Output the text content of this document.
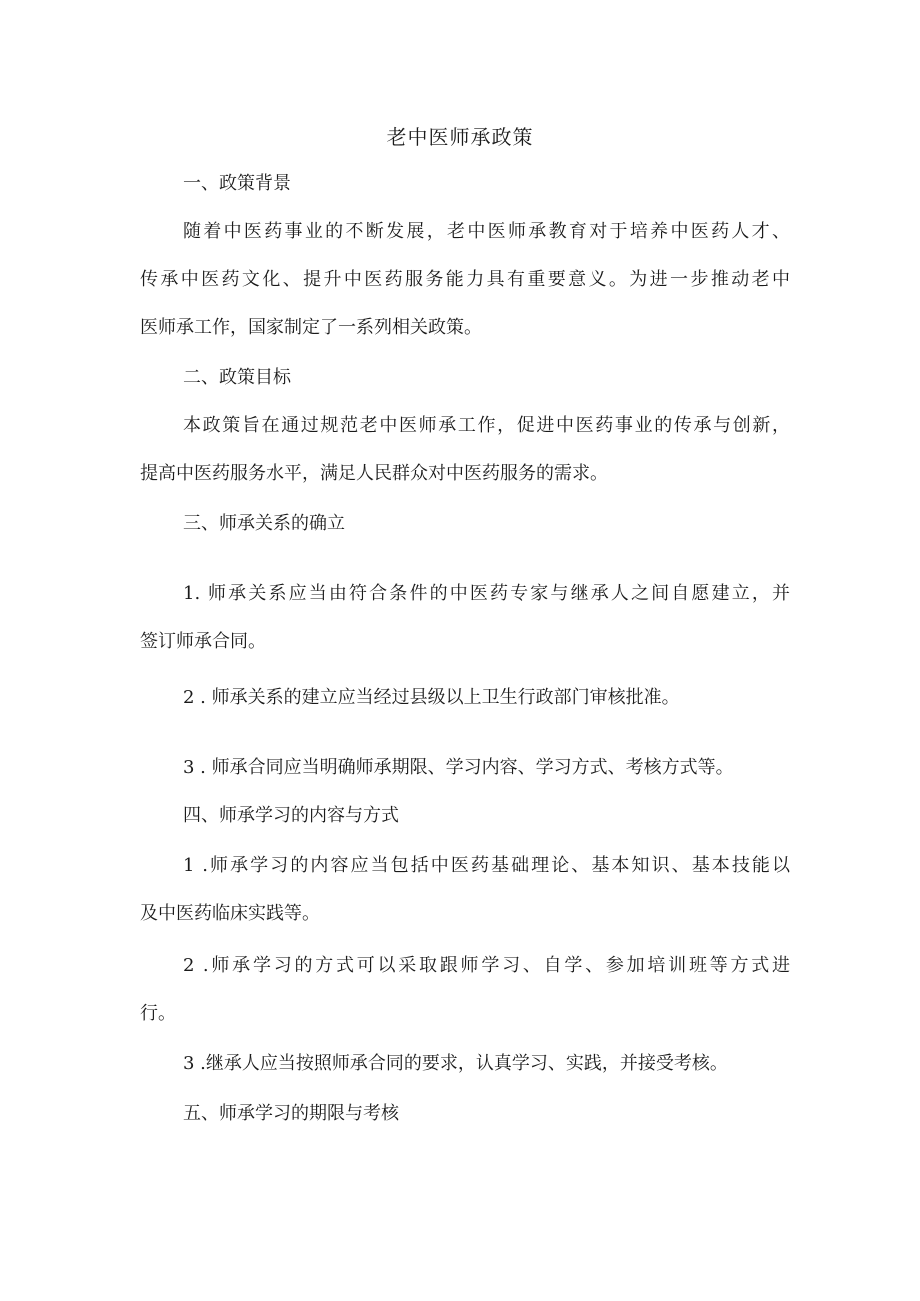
老中医师承政策
一、政策背景
随着中医药事业的不断发展，老中医师承教育对于培养中医药人才、
传承中医药文化、提升中医药服务能力具有重要意义。为进一步推动老中
医师承工作，国家制定了一系列相关政策。
二、政策目标
本政策旨在通过规范老中医师承工作，促进中医药事业的传承与创新，
提高中医药服务水平，满足人民群众对中医药服务的需求。
三、师承关系的确立
1. 师承关系应当由符合条件的中医药专家与继承人之间自愿建立，并
签订师承合同。
2 . 师承关系的建立应当经过县级以上卫生行政部门审核批准。
3 . 师承合同应当明确师承期限、学习内容、学习方式、考核方式等。
四、师承学习的内容与方式
1 .师承学习的内容应当包括中医药基础理论、基本知识、基本技能以
及中医药临床实践等。
2 .师承学习的方式可以采取跟师学习、自学、参加培训班等方式进
行。
3 .继承人应当按照师承合同的要求，认真学习、实践，并接受考核。
五、师承学习的期限与考核
